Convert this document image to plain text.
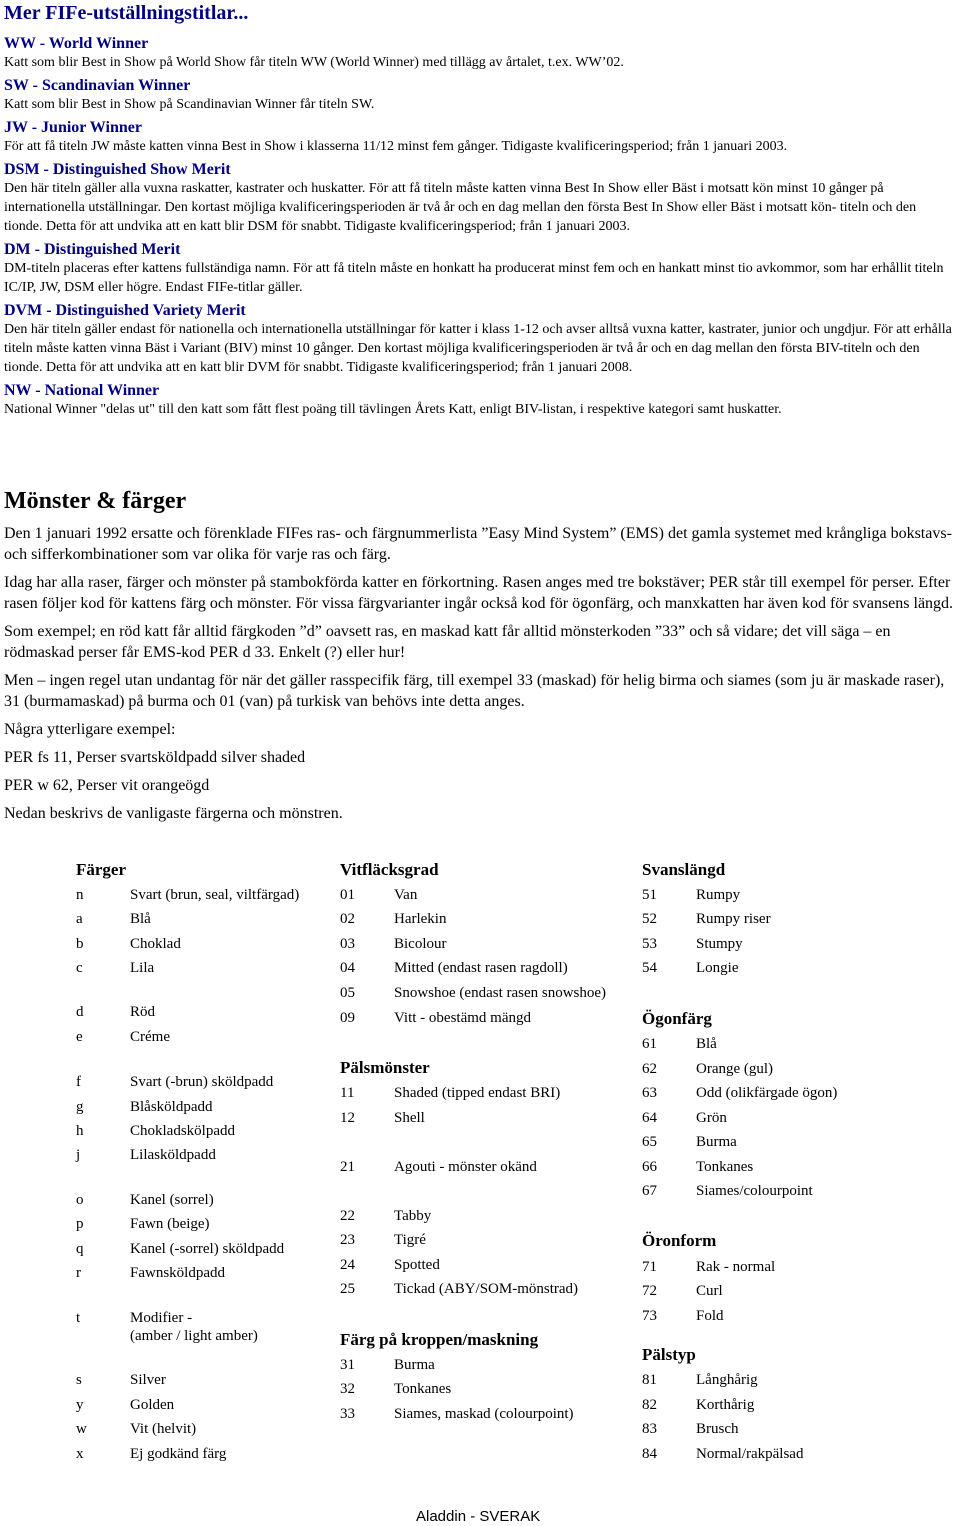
Mer FIFe-utställningstitlar...
WW - World Winner
Katt som blir Best in Show på World Show får titeln WW (World Winner) med tillägg av årtalet, t.ex. WW’02.
SW - Scandinavian Winner
Katt som blir Best in Show på Scandinavian Winner får titeln SW.
JW - Junior Winner
För att få titeln JW måste katten vinna Best in Show i klasserna 11/12 minst fem gånger. Tidigaste kvalificeringsperiod; från 1 januari 2003.
DSM - Distinguished Show Merit
Den här titeln gäller alla vuxna raskatter, kastrater och huskatter. För att få titeln måste katten vinna Best In Show eller Bäst i motsatt kön minst 10 gånger på internationella utställningar. Den kortast möjliga kvalificeringsperioden är två år och en dag mellan den första Best In Show eller Bäst i motsatt kön- titeln och den tionde. Detta för att undvika att en katt blir DSM för snabbt. Tidigaste kvalificeringsperiod; från 1 januari 2003.
DM - Distinguished Merit
DM-titeln placeras efter kattens fullständiga namn. För att få titeln måste en honkatt ha producerat minst fem och en hankatt minst tio avkommor, som har erhållit titeln IC/IP, JW, DSM eller högre. Endast FIFe-titlar gäller.
DVM - Distinguished Variety Merit
Den här titeln gäller endast för nationella och internationella utställningar för katter i klass 1-12 och avser alltså vuxna katter, kastrater, junior och ungdjur. För att erhålla titeln måste katten vinna Bäst i Variant (BIV) minst 10 gånger. Den kortast möjliga kvalificeringsperioden är två år och en dag mellan den första BIV-titeln och den tionde. Detta för att undvika att en katt blir DVM för snabbt. Tidigaste kvalificeringsperiod; från 1 januari 2008.
NW - National Winner
National Winner "delas ut" till den katt som fått flest poäng till tävlingen Årets Katt, enligt BIV-listan, i respektive kategori samt huskatter.
Mönster & färger

Den 1 januari 1992 ersatte och förenklade FIFes ras- och färgnummerlista ”Easy Mind System” (EMS) det gamla systemet med krångliga bokstavs- och sifferkombinationer som var olika för varje ras och färg.

Idag har alla raser, färger och mönster på stambokförda katter en förkortning. Rasen anges med tre bokstäver; PER står till exempel för perser. Efter rasen följer kod för kattens färg och mönster. För vissa färgvarianter ingår också kod för ögonfärg, och manxkatten har även kod för svansens längd.

Som exempel; en röd katt får alltid färgkoden ”d” oavsett ras, en maskad katt får alltid mönsterkoden ”33” och så vidare; det vill säga – en rödmaskad perser får EMS-kod PER d 33. Enkelt (?) eller hur!

Men – ingen regel utan undantag för när det gäller rasspecifik färg, till exempel 33 (maskad) för helig birma och siames (som ju är maskade raser), 31 (burmamaskad) på burma och 01 (van) på turkisk van behövs inte detta anges.

Några ytterligare exempel:

PER fs 11, Perser svartsköldpadd silver shaded

PER w 62, Perser vit orangeögd

Nedan beskrivs de vanligaste färgerna och mönstren.

Färger
n	Svart (brun, seal, viltfärgad)
a	Blå
b	Choklad
c	Lila
d	Röd
e	Créme
f	Svart (-brun) sköldpadd
g	Blåsköldpadd
h	Chokladskölpadd
j	Lilasköldpadd
o	Kanel (sorrel)
p	Fawn (beige)
q	Kanel (-sorrel) sköldpadd
r	Fawnsköldpadd
t	Modifier -
(amber / light amber)
s	Silver
y	Golden
w	Vit (helvit)
x	Ej godkänd färg
Vitfläcksgrad
01	Van
02	Harlekin
03	Bicolour
04	Mitted (endast rasen ragdoll)
05	Snowshoe (endast rasen snowshoe)
09	Vitt - obestämd mängd
Pälsmönster
11	Shaded (tipped endast BRI)
12	Shell
21	Agouti - mönster okänd
22	Tabby
23	Tigré
24	Spotted
25	Tickad (ABY/SOM-mönstrad)
Färg på kroppen/maskning
31	Burma
32	Tonkanes
33	Siames, maskad (colourpoint)
Svanslängd
51	Rumpy
52	Rumpy riser
53	Stumpy
54	Longie
Ögonfärg
61	Blå
62	Orange (gul)
63	Odd (olikfärgade ögon)
64	Grön
65	Burma
66	Tonkanes
67	Siames/colourpoint
Öronform
71	Rak - normal
72	Curl
73	Fold
Pälstyp
81	Långhårig
82	Korthårig
83	Brusch
84	Normal/rakpälsad
Aladdin - SVERAK
